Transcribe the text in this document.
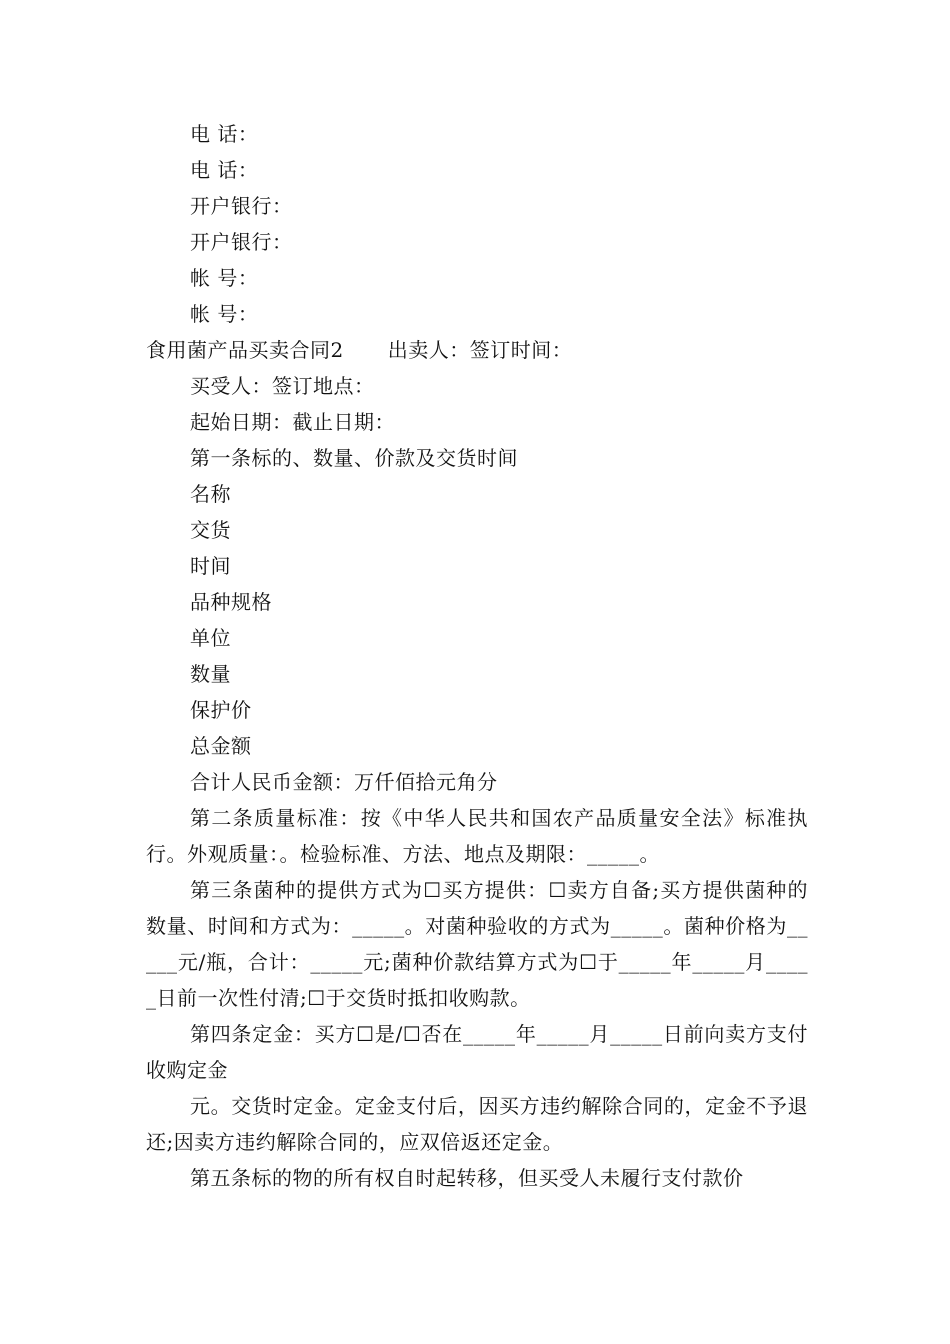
电 话：

电 话：

开户银行：

开户银行：

帐 号：

帐 号：

食用菌产品买卖合同2 出卖人：签订时间：

买受人：签订地点：

起始日期：截止日期：

第一条标的、数量、价款及交货时间

名称

交货

时间

品种规格

单位

数量

保护价

总金额

合计人民币金额：万仟佰拾元角分

第二条质量标准：按《中华人民共和国农产品质量安全法》标准执行。外观质量：。检验标准、方法、地点及期限：_____。

第三条菌种的提供方式为☐买方提供：☐卖方自备;买方提供菌种的数量、时间和方式为：_____。对菌种验收的方式为_____。菌种价格为_____元/瓶，合计：_____元;菌种价款结算方式为☐于_____年_____月_____日前一次性付清;☐于交货时抵扣收购款。

第四条定金：买方☐是/☐否在_____年_____月_____日前向卖方支付收购定金

元。交货时定金。定金支付后，因买方违约解除合同的，定金不予退还;因卖方违约解除合同的，应双倍返还定金。

第五条标的物的所有权自时起转移，但买受人未履行支付款价
